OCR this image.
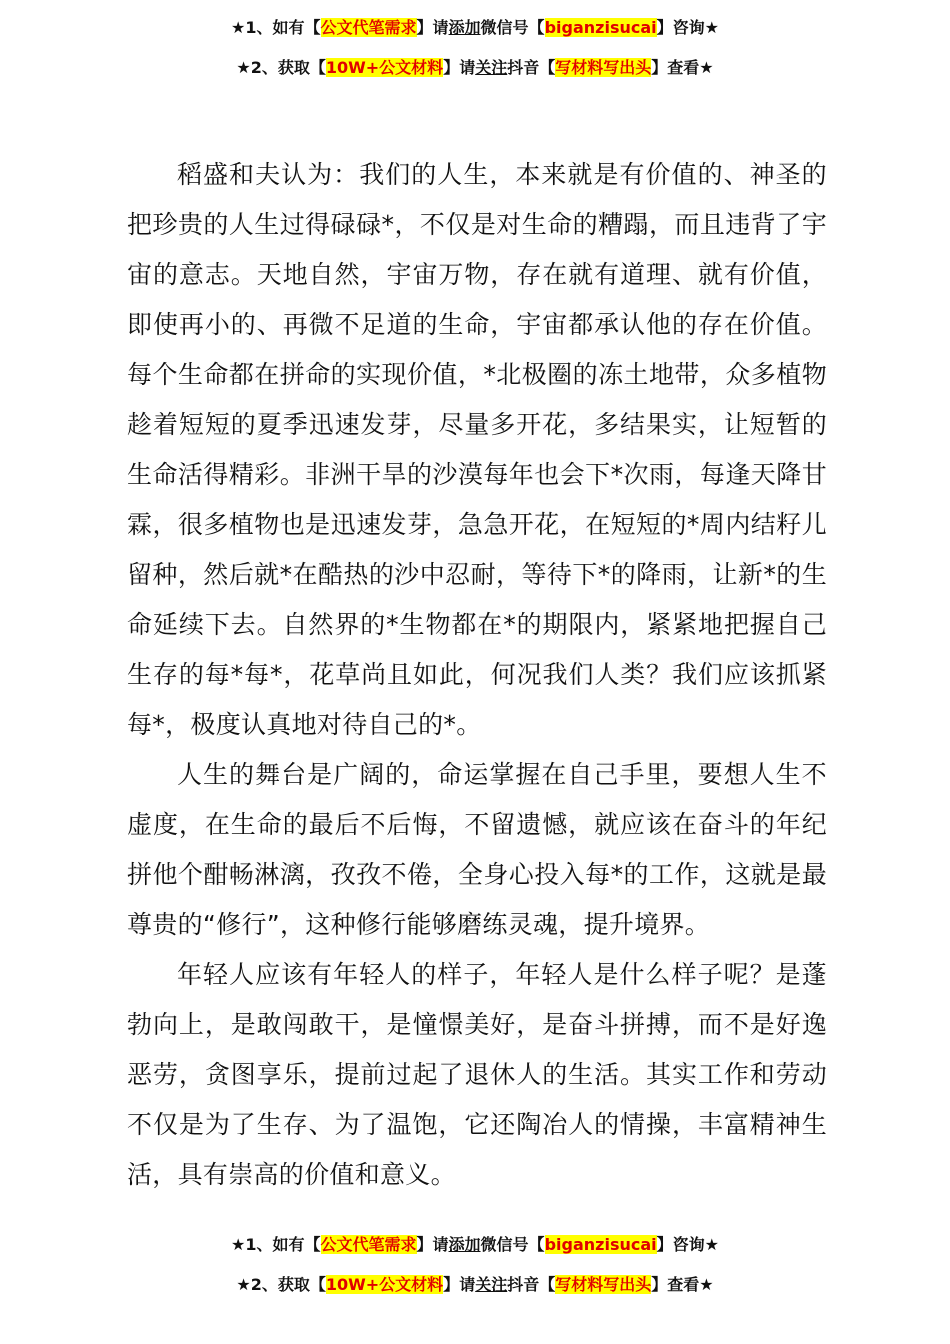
★1、如有【公文代笔需求】请添加微信号【biganzisucai】咨询★
★2、获取【10W+公文材料】请关注抖音【写材料写出头】查看★

稻盛和夫认为：我们的人生，本来就是有价值的、神圣的把珍贵的人生过得碌碌*，不仅是对生命的糟蹋，而且违背了宇宙的意志。天地自然，宇宙万物，存在就有道理、就有价值，即使再小的、再微不足道的生命，宇宙都承认他的存在价值。每个生命都在拼命的实现价值，*北极圈的冻土地带，众多植物趁着短短的夏季迅速发芽，尽量多开花，多结果实，让短暂的生命活得精彩。非洲干旱的沙漠每年也会下*次雨，每逢天降甘霖，很多植物也是迅速发芽，急急开花，在短短的*周内结籽儿留种，然后就*在酷热的沙中忍耐，等待下*的降雨，让新*的生命延续下去。自然界的*生物都在*的期限内，紧紧地把握自己生存的每*每*，花草尚且如此，何况我们人类？我们应该抓紧每*，极度认真地对待自己的*。

人生的舞台是广阔的，命运掌握在自己手里，要想人生不虚度，在生命的最后不后悔，不留遗憾，就应该在奋斗的年纪拼他个酣畅淋漓，孜孜不倦，全身心投入每*的工作，这就是最尊贵的“修行”，这种修行能够磨练灵魂，提升境界。

年轻人应该有年轻人的样子，年轻人是什么样子呢？是蓬勃向上，是敢闯敢干，是憧憬美好，是奋斗拼搏，而不是好逸恶劳，贪图享乐，提前过起了退休人的生活。其实工作和劳动不仅是为了生存、为了温饱，它还陶冶人的情操，丰富精神生活，具有崇高的价值和意义。

★1、如有【公文代笔需求】请添加微信号【biganzisucai】咨询★
★2、获取【10W+公文材料】请关注抖音【写材料写出头】查看★
